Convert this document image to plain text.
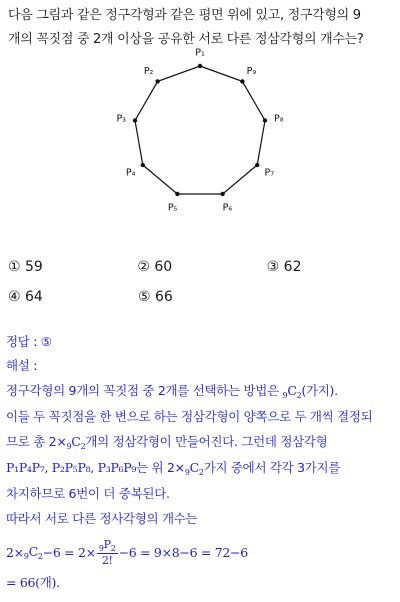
다음 그림과 같은 정구각형과 같은 평면 위에 있고, 정구각형의 9
개의 꼭짓점 중 2개 이상을 공유한 서로 다른 정삼각형의 개수는?
P₁
P₉
P₈
P₇
P₆
P₅
P₄
P₃
P₂
① 59	② 60	③ 62
④ 64	⑤ 66
정답 : ⑤
해설 :
정구각형의 9개의 꼭짓점 중 2개를 선택하는 방법은 $_9C_2$(가지).
이들 두 꼭짓점을 한 변으로 하는 정삼각형이 양쪽으로 두 개씩 결정되
므로 총 $2\times_9C_2$개의 정삼각형이 만들어진다. 그런데 정삼각형
P₁P₄P₇, P₂P₅P₈, P₃P₆P₉는 위 $2\times_9C_2$가지 중에서 각각 3가지를
차지하므로 6번이 더 중복된다.
따라서 서로 다른 정사각형의 개수는
$2\times _9C_2 -6 = 2\times \frac{_9P_2}{2!} -6 = 9\times 8-6 = 72-6$
= 66(개).
